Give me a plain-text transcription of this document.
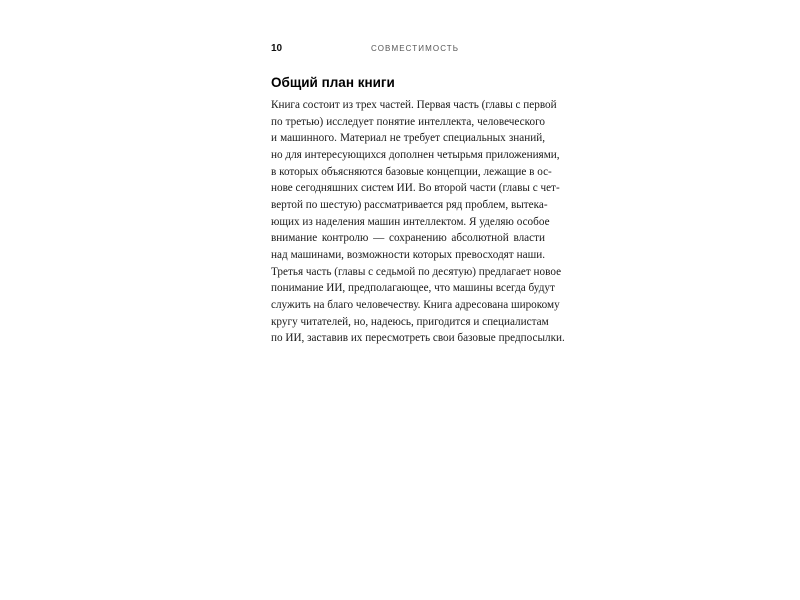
10	СОВМЕСТИМОСТЬ
Общий план книги
Книга состоит из трех частей. Первая часть (главы с первой
по третью) исследует понятие интеллекта, человеческого
и машинного. Материал не требует специальных знаний,
но для интересующихся дополнен четырьмя приложениями,
в которых объясняются базовые концепции, лежащие в ос-
нове сегодняшних систем ИИ. Во второй части (главы с чет-
вертой по шестую) рассматривается ряд проблем, вытека-
ющих из наделения машин интеллектом. Я уделяю особое
внимание контролю — сохранению абсолютной власти
над машинами, возможности которых превосходят наши.
Третья часть (главы с седьмой по десятую) предлагает новое
понимание ИИ, предполагающее, что машины всегда будут
служить на благо человечеству. Книга адресована широкому
кругу читателей, но, надеюсь, пригодится и специалистам
по ИИ, заставив их пересмотреть свои базовые предпосылки.
